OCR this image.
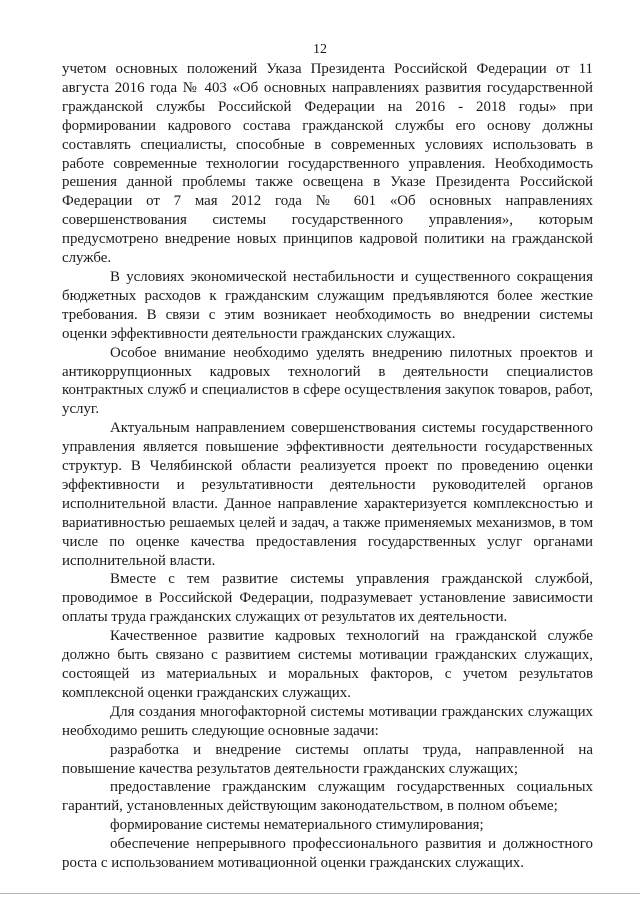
12

учетом основных положений Указа Президента Российской Федерации от 11 августа 2016 года № 403 «Об основных направлениях развития государственной гражданской службы Российской Федерации на 2016 - 2018 годы» при формировании кадрового состава гражданской службы его основу должны составлять специалисты, способные в современных условиях использовать в работе современные технологии государственного управления. Необходимость решения данной проблемы также освещена в Указе Президента Российской Федерации от 7 мая 2012 года № 601 «Об основных направлениях совершенствования системы государственного управления», которым предусмотрено внедрение новых принципов кадровой политики на гражданской службе.

В условиях экономической нестабильности и существенного сокращения бюджетных расходов к гражданским служащим предъявляются более жесткие требования. В связи с этим возникает необходимость во внедрении системы оценки эффективности деятельности гражданских служащих.

Особое внимание необходимо уделять внедрению пилотных проектов и антикоррупционных кадровых технологий в деятельности специалистов контрактных служб и специалистов в сфере осуществления закупок товаров, работ, услуг.

Актуальным направлением совершенствования системы государственного управления является повышение эффективности деятельности государственных структур. В Челябинской области реализуется проект по проведению оценки эффективности и результативности деятельности руководителей органов исполнительной власти. Данное направление характеризуется комплексностью и вариативностью решаемых целей и задач, а также применяемых механизмов, в том числе по оценке качества предоставления государственных услуг органами исполнительной власти.

Вместе с тем развитие системы управления гражданской службой, проводимое в Российской Федерации, подразумевает установление зависимости оплаты труда гражданских служащих от результатов их деятельности.

Качественное развитие кадровых технологий на гражданской службе должно быть связано с развитием системы мотивации гражданских служащих, состоящей из материальных и моральных факторов, с учетом результатов комплексной оценки гражданских служащих.

Для создания многофакторной системы мотивации гражданских служащих необходимо решить следующие основные задачи:

разработка и внедрение системы оплаты труда, направленной на повышение качества результатов деятельности гражданских служащих;

предоставление гражданским служащим государственных социальных гарантий, установленных действующим законодательством, в полном объеме;

формирование системы нематериального стимулирования;

обеспечение непрерывного профессионального развития и должностного роста с использованием мотивационной оценки гражданских служащих.
